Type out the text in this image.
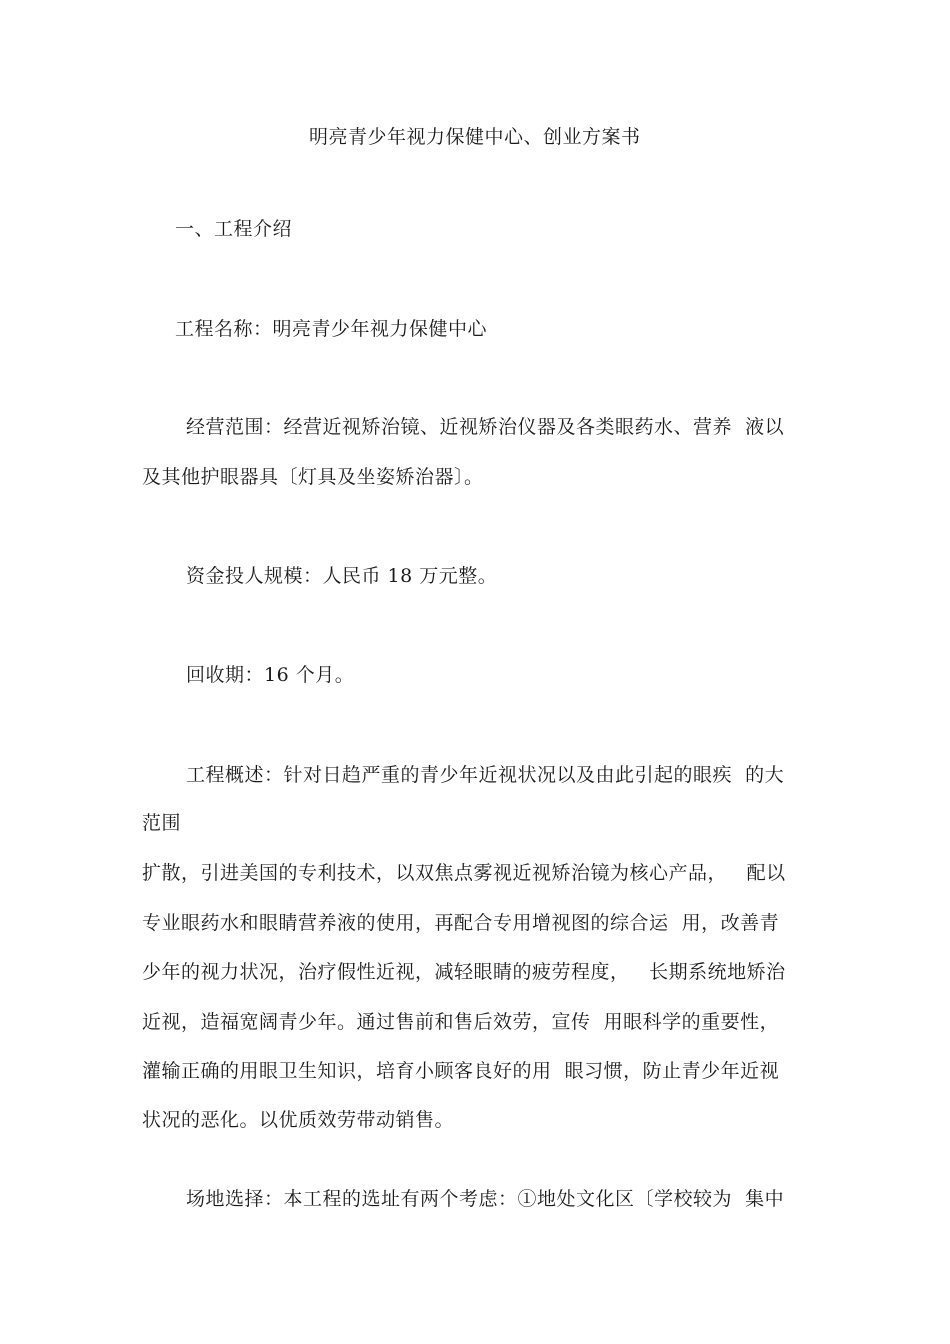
明亮青少年视力保健中心、创业方案书
一、工程介绍
工程名称：明亮青少年视力保健中心
经营范围：经营近视矫治镜、近视矫治仪器及各类眼药水、营养  液以
及其他护眼器具〔灯具及坐姿矫治器〕。
资金投人规模：人民币 18 万元整。
回收期：16 个月。
工程概述：针对日趋严重的青少年近视状况以及由此引起的眼疾  的大
范围
扩散，引进美国的专利技术，以双焦点雾视近视矫治镜为核心产品，   配以
专业眼药水和眼睛营养液的使用，再配合专用增视图的综合运  用，改善青
少年的视力状况，治疗假性近视，减轻眼睛的疲劳程度，   长期系统地矫治
近视，造福宽阔青少年。通过售前和售后效劳，宣传  用眼科学的重要性，
灌输正确的用眼卫生知识，培育小顾客良好的用  眼习惯，防止青少年近视
状况的恶化。以优质效劳带动销售。
场地选择：本工程的选址有两个考虑：①地处文化区〔学校较为  集中
